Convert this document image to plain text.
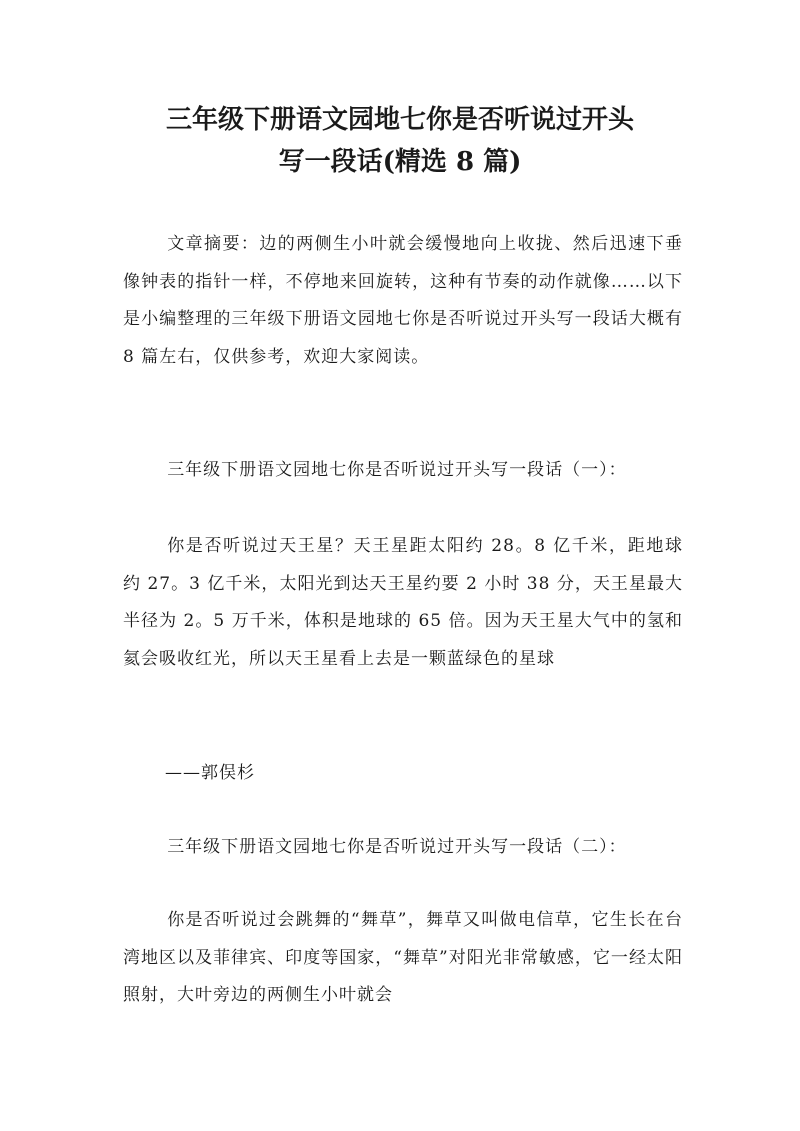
三年级下册语文园地七你是否听说过开头
写一段话(精选 8 篇)
文章摘要：边的两侧生小叶就会缓慢地向上收拢、然后迅速下垂像钟表的指针一样，不停地来回旋转，这种有节奏的动作就像……以下是小编整理的三年级下册语文园地七你是否听说过开头写一段话大概有 8 篇左右，仅供参考，欢迎大家阅读。
三年级下册语文园地七你是否听说过开头写一段话（一）：
你是否听说过天王星？天王星距太阳约 28。8 亿千米，距地球约 27。3 亿千米，太阳光到达天王星约要 2 小时 38 分，天王星最大半径为 2。5 万千米，体积是地球的 65 倍。因为天王星大气中的氢和氦会吸收红光，所以天王星看上去是一颗蓝绿色的星球
——郭俣杉
三年级下册语文园地七你是否听说过开头写一段话（二）：
你是否听说过会跳舞的“舞草”，舞草又叫做电信草，它生长在台湾地区以及菲律宾、印度等国家，“舞草”对阳光非常敏感，它一经太阳照射，大叶旁边的两侧生小叶就会
